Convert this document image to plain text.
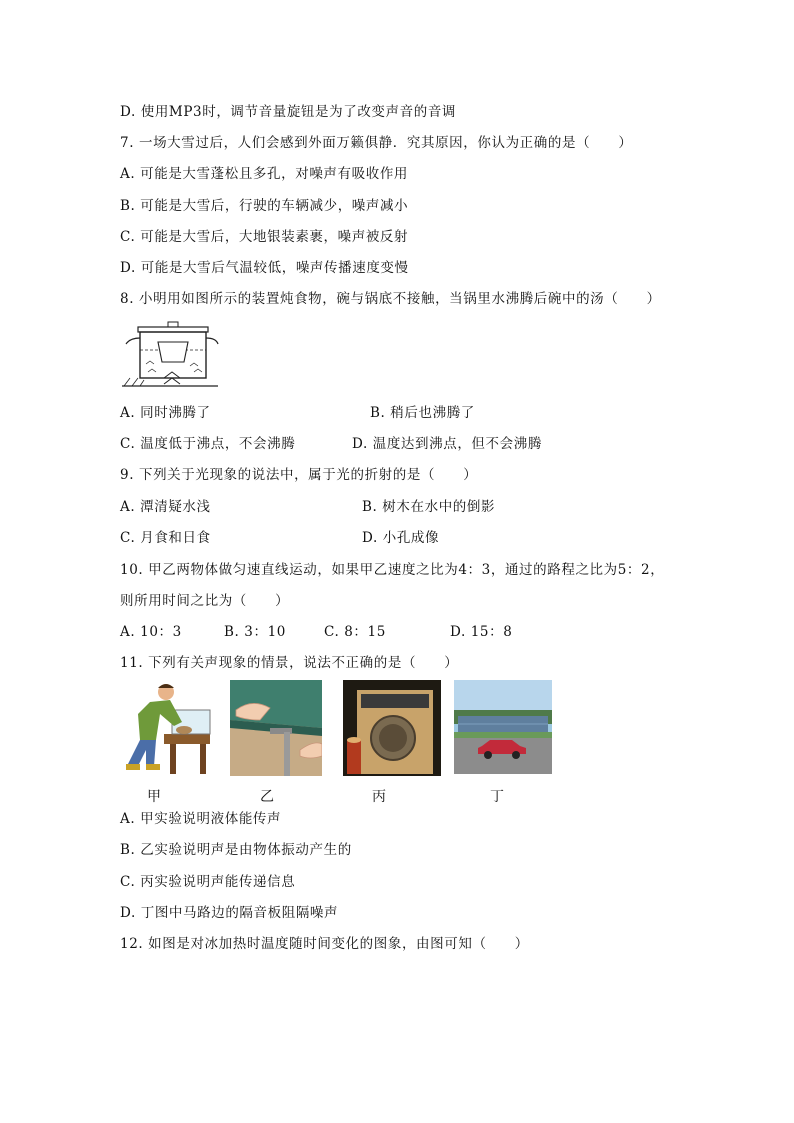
D. 使用MP3时，调节音量旋钮是为了改变声音的音调
7. 一场大雪过后，人们会感到外面万籁俱静．究其原因，你认为正确的是（　　）
A. 可能是大雪蓬松且多孔，对噪声有吸收作用
B. 可能是大雪后，行驶的车辆减少，噪声减小
C. 可能是大雪后，大地银装素裹，噪声被反射
D. 可能是大雪后气温较低，噪声传播速度变慢
8. 小明用如图所示的装置炖食物，碗与锅底不接触，当锅里水沸腾后碗中的汤（　　）
A. 同时沸腾了	B. 稍后也沸腾了
C. 温度低于沸点，不会沸腾	D. 温度达到沸点，但不会沸腾
9. 下列关于光现象的说法中，属于光的折射的是（　　）
A. 潭清疑水浅	B. 树木在水中的倒影
C. 月食和日食	D. 小孔成像
10. 甲乙两物体做匀速直线运动，如果甲乙速度之比为4：3，通过的路程之比为5：2，
则所用时间之比为（　　）
A. 10：3	B. 3：10	C. 8：15	D. 15：8
11. 下列有关声现象的情景，说法不正确的是（　　）
甲	乙	丙	丁
A. 甲实验说明液体能传声
B. 乙实验说明声是由物体振动产生的
C. 丙实验说明声能传递信息
D. 丁图中马路边的隔音板阻隔噪声
12. 如图是对冰加热时温度随时间变化的图象，由图可知（　　）
